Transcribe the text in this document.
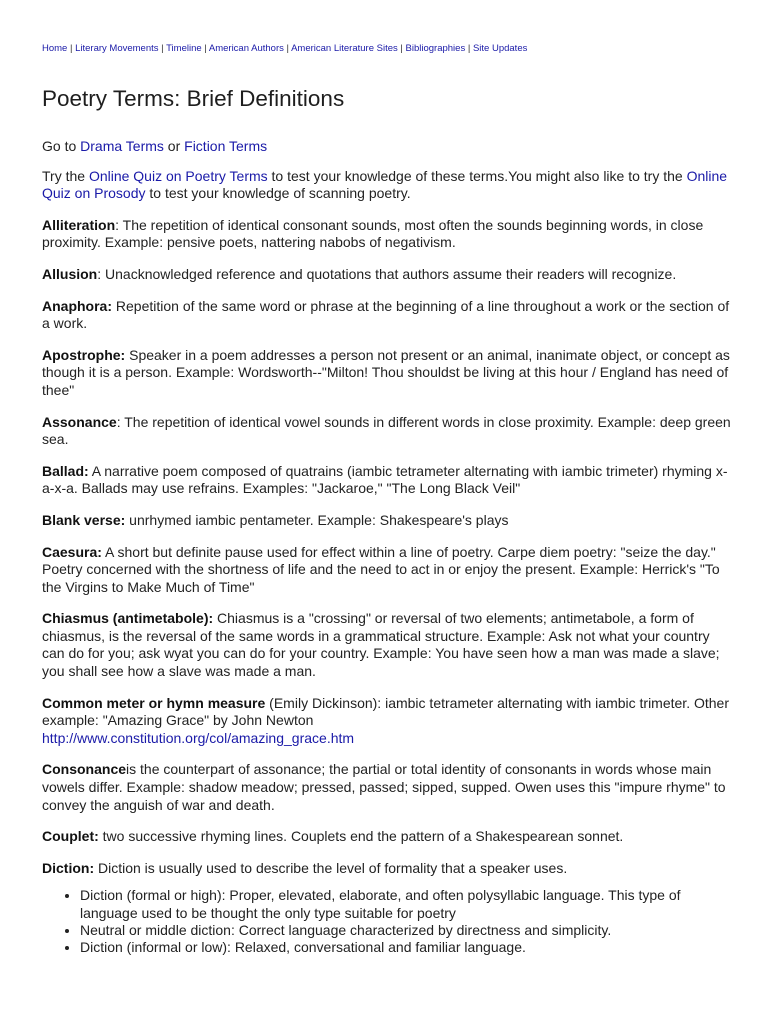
Home | Literary Movements | Timeline | American Authors | American Literature Sites | Bibliographies | Site Updates
Poetry Terms: Brief Definitions

Go to Drama Terms or Fiction Terms

Try the Online Quiz on Poetry Terms to test your knowledge of these terms.You might also like to try the Online Quiz on Prosody to test your knowledge of scanning poetry.

Alliteration: The repetition of identical consonant sounds, most often the sounds beginning words, in close proximity. Example: pensive poets, nattering nabobs of negativism.

Allusion: Unacknowledged reference and quotations that authors assume their readers will recognize.

Anaphora: Repetition of the same word or phrase at the beginning of a line throughout a work or the section of a work.

Apostrophe: Speaker in a poem addresses a person not present or an animal, inanimate object, or concept as though it is a person. Example: Wordsworth--"Milton! Thou shouldst be living at this hour / England has need of thee"

Assonance: The repetition of identical vowel sounds in different words in close proximity. Example: deep green sea.

Ballad: A narrative poem composed of quatrains (iambic tetrameter alternating with iambic trimeter) rhyming x-a-x-a. Ballads may use refrains. Examples: "Jackaroe," "The Long Black Veil"

Blank verse: unrhymed iambic pentameter. Example: Shakespeare's plays

Caesura: A short but definite pause used for effect within a line of poetry. Carpe diem poetry: "seize the day." Poetry concerned with the shortness of life and the need to act in or enjoy the present. Example: Herrick's "To the Virgins to Make Much of Time"

Chiasmus (antimetabole): Chiasmus is a "crossing" or reversal of two elements; antimetabole, a form of chiasmus, is the reversal of the same words in a grammatical structure. Example: Ask not what your country can do for you; ask wyat you can do for your country. Example: You have seen how a man was made a slave; you shall see how a slave was made a man.

Common meter or hymn measure (Emily Dickinson): iambic tetrameter alternating with iambic trimeter. Other example: "Amazing Grace" by John Newton
http://www.constitution.org/col/amazing_grace.htm

Consonanceis the counterpart of assonance; the partial or total identity of consonants in words whose main vowels differ. Example: shadow meadow; pressed, passed; sipped, supped. Owen uses this "impure rhyme" to convey the anguish of war and death.

Couplet: two successive rhyming lines. Couplets end the pattern of a Shakespearean sonnet.

Diction: Diction is usually used to describe the level of formality that a speaker uses.

• Diction (formal or high): Proper, elevated, elaborate, and often polysyllabic language. This type of language used to be thought the only type suitable for poetry
• Neutral or middle diction: Correct language characterized by directness and simplicity.
• Diction (informal or low): Relaxed, conversational and familiar language.
